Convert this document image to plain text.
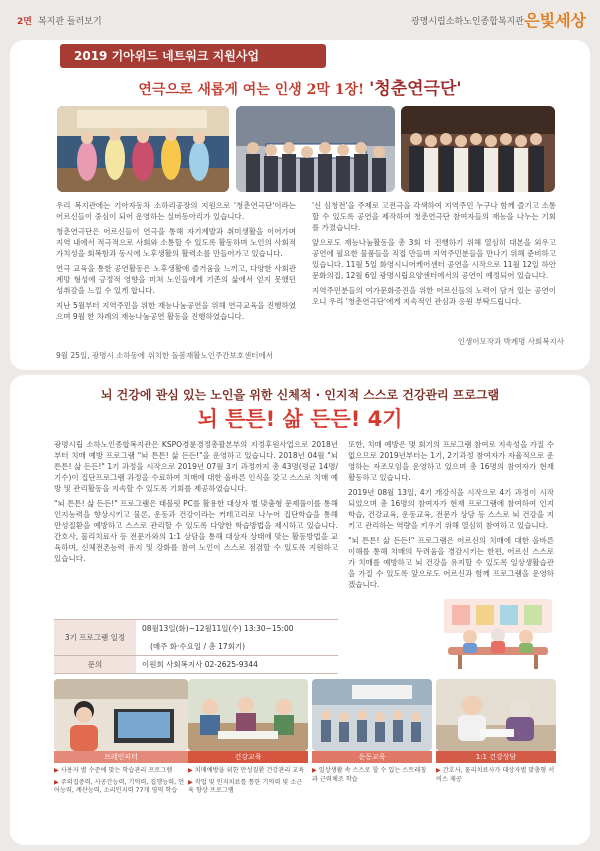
2면 복지관 들러보기	광명시립소하노인종합복지관 은빛세상
2019 기아위드 네트워크 지원사업
연극으로 새롭게 여는 인생 2막 1장! '청춘연극단'

우리 복지관에는 기아자동차 소하리공장의 지원으로 '청춘연극단'이라는 어르신들이 중심이 되어 운영하는 실버동아리가 있습니다.

청춘연극단은 어르신들이 연극을 통해 자기계발과 취미생활을 이어가며 지역 내에서 적극적으로 사회와 소통할 수 있도록 활동하며 노인의 사회적 가치성을 회복함과 동시에 노후생활의 활력소를 만들어가고 있습니다.

연극 교육을 통한 공연활동은 노후생활에 즐거움을 느끼고, 다양한 사회관계망 형성에 긍정적 영향을 미쳐 노인들에게 기존의 삶에서 얻지 못했던 성취감을 느낄 수 있게 합니다.

지난 5월부터 지역주민을 위한 재능나눔공연을 위해 연극교육을 진행하였으며 9월 한 차례의 재능나눔공연 활동을 진행하였습니다.

9월 25일, 광명시 소하동에 위치한 돌봄재활노인주간보호센터에서

'신 심청전'을 주제로 고전극을 각색하여 지역주민 누구나 함께 즐기고 소통할 수 있도록 공연을 제작하여 청춘연극단 참여자들의 재능을 나누는 기회를 가졌습니다.

앞으로도 재능나눔활동을 총 3회 더 진행하기 위해 열심히 대본을 외우고 공연에 필요한 물품들을 직접 만들며 지역주민분들을 만나기 위해 준비하고 있습니다. 11월 5일 화영시니어케어센터 공연을 시작으로 11월 12일 하안문화의집, 12월 6일 광명시립요양센터에서의 공연이 예정되어 있습니다.

지역주민분들의 여가문화증진을 위한 어르신들의 노력이 담겨 있는 공연이오니 우리 '청춘연극단'에게 지속적인 관심과 응원 부탁드립니다.

인생이모작과 박계명 사회복지사
뇌 건강에 관심 있는 노인을 위한 신체적 · 인지적 스스로 건강관리 프로그램
뇌 튼튼! 삶 든든! 4기

광명시립 소하노인종합복지관은 KSPO경륜경정총괄본부의 지정후원사업으로 2018년부터 치매 예방 프로그램 "뇌 튼튼! 삶 든든!"을 운영하고 있습니다. 2018년 04월 "뇌 튼튼! 삶 든든!" 1기 과정을 시작으로 2019년 07월 3기 과정까지 총 43명(평균 14명/기수)이 집단프로그램 과정을 수료하여 치매에 대한 올바른 인식을 갖고 스스로 치매 예방 및 관리활동을 지속할 수 있도록 기회를 제공하였습니다.

"뇌 튼튼! 삶 든든!" 프로그램은 태블릿 PC를 활용한 대상자 별 맞춤형 문제풀이를 통해 인지능력을 향상시키고 물론, 운동과 건강이라는 커테고리로 나누어 집단학습을 통해 만성질환을 예방하고 스스로 관리할 수 있도록 다양한 학습방법을 제시하고 있습니다. 간호사, 물리치료사 등 전문가와의 1:1 상담을 통해 대상자 상태에 맞는 활동방법을 교육하며, 신체전촌능력 유지 및 강화를 참여 노인이 스스로 점검할 수 있도록 지원하고 있습니다.

또한, 치매 예방은 몇 회기의 프로그램 참여로 지속성을 가질 수 없으므로 2019년부터는 1기, 2기과정 참여자가 자율적으로 운영하는 자조모임을 운영하고 있으며 총 16명의 참여자가 현재 활동하고 있습니다.

2019년 08월 13일, 4기 개강식을 시작으로 4기 과정이 시작되었으며 총 16명의 참여자가 현재 프로그램에 참여하여 인지학습, 건강교육, 운동교육, 전문가 상담 등 스스로 뇌 건강을 지키고 관리하는 역량을 키우기 위해 열심히 참여하고 있습니다.

"뇌 튼튼! 삶 든든!" 프로그램은 어르신의 치매에 대한 올바른 이해를 통해 치매의 두려움을 경감시키는 한편, 어르신 스스로가 치매를 예방하고 뇌 건강을 유지할 수 있도록 일상생활습관을 가질 수 있도록 앞으로도 어르신과 함께 프로그램을 운영하겠습니다.

3기 프로그램 일정	08월13일(화)~12월11일(수) 13:30~15:00
	(매주 화·수요일 / 총 17회기)
문의	이원희 사회복지사 02-2625-9344
브레인피터
▶ 사용자 별 수준에 맞는 학습관리 프로그램
▶ 주의집중력, 시공간능력, 기억력, 집행능력, 언어능력, 계산능력, 소리인지력 77개 영역 학습
건강교육
▶ 치매예방을 위한 만성질환 건강관리 교육
▶ 작업 및 인지치료를 통한 기억력 및 소근육 향상 프로그램
운동교육
▶ 일상생활 속 스스로 할 수 있는 스트레칭과 근력체조 학습
1:1 건강상담
▶ 간호사, 물리치료사가 대상자별 맞춤형 서비스 제공
